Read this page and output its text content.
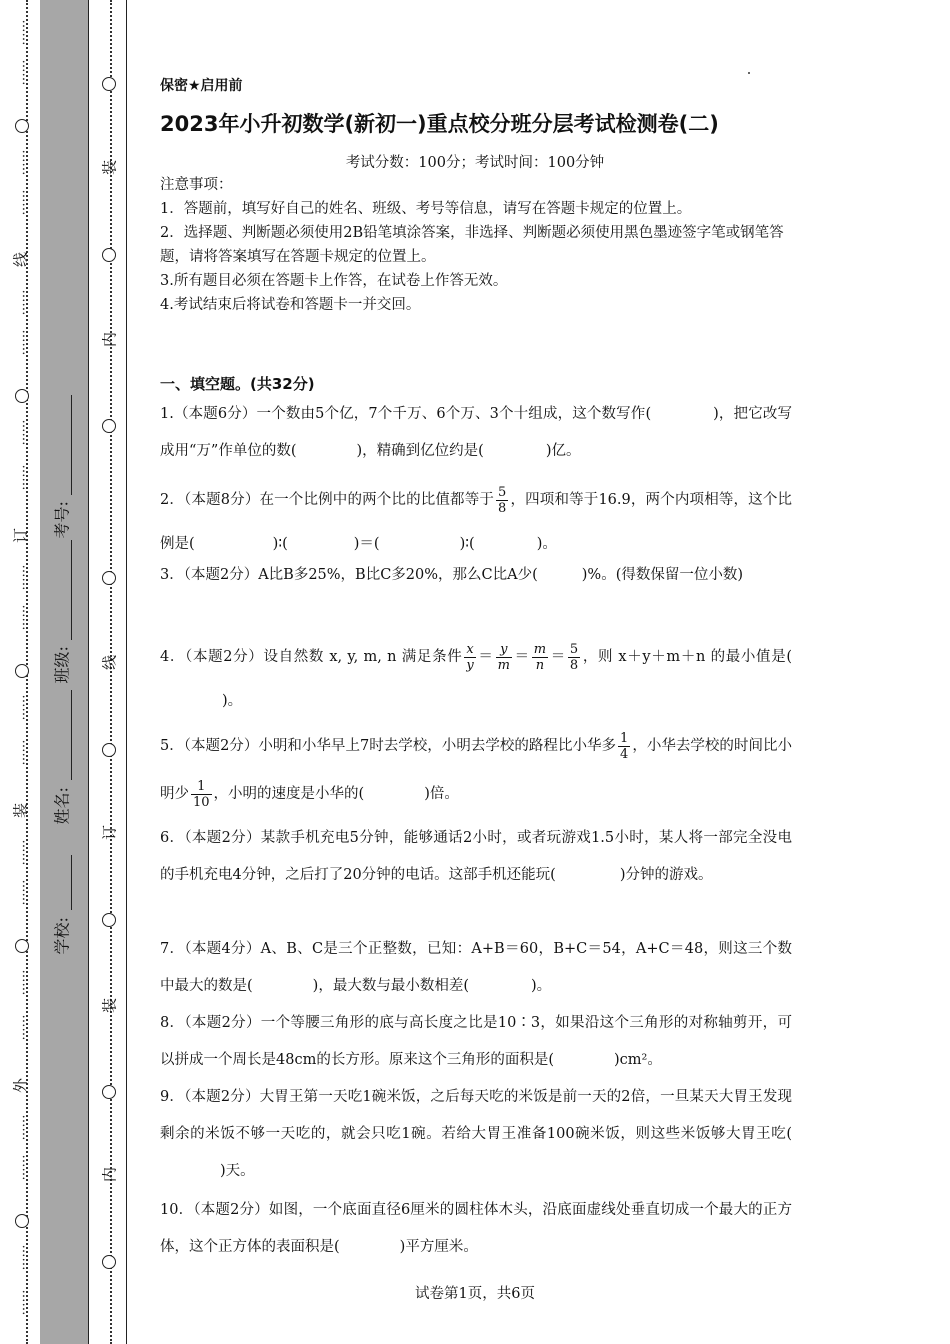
……
……
……
……
线
……
……
……
……
订
……
……
……
……
装
……
……
……
……
外
……
……
……
……
学校:
姓名:
班级:
考号:
装
内
线
订
装
内
保密★启用前
2023年小升初数学(新初一)重点校分班分层考试检测卷(二)
考试分数：100分；考试时间：100分钟
注意事项：
1．答题前，填写好自己的姓名、班级、考号等信息，请写在答题卡规定的位置上。
2．选择题、判断题必须使用2B铅笔填涂答案，非选择、判断题必须使用黑色墨迹签字笔或钢笔答题，请将答案填写在答题卡规定的位置上。
3.所有题目必须在答题卡上作答，在试卷上作答无效。
4.考试结束后将试卷和答题卡一并交回。
一、填空题。(共32分)
1.（本题6分）一个数由5个亿，7个千万、6个万、3个十组成，这个数写作(	)，把它改写成用“万”作单位的数(	)，精确到亿位约是(	)亿。
2．（本题8分）在一个比例中的两个比的比值都等于 $\frac{5}{8}$ ，四项和等于16.9，两个内项相等，这个比例是(	)∶(	)＝(	)∶(	)。
3．（本题2分）A比B多25%，B比C多20%，那么C比A少(	)%。(得数保留一位小数)
4．（本题2分）设自然数 x, y, m, n 满足条件 $\frac{x}{y} = \frac{y}{m} = \frac{m}{n} = \frac{5}{8}$ ，则 x＋y＋m＋n 的最小值是()。
5．（本题2分）小明和小华早上7时去学校，小明去学校的路程比小华多 $\frac{1}{4}$ ，小华去学校的时间比小明少 $\frac{1}{10}$ ，小明的速度是小华的(	)倍。
6．（本题2分）某款手机充电5分钟，能够通话2小时，或者玩游戏1.5小时，某人将一部完全没电的手机充电4分钟，之后打了20分钟的电话。这部手机还能玩(	)分钟的游戏。
7．（本题4分）A、B、C是三个正整数，已知：A+B＝60，B+C＝54，A+C＝48，则这三个数中最大的数是(	)，最大数与最小数相差(	)。
8．（本题2分）一个等腰三角形的底与高长度之比是10∶3，如果沿这个三角形的对称轴剪开，可以拼成一个周长是48cm的长方形。原来这个三角形的面积是(	)cm²。
9．（本题2分）大胃王第一天吃1碗米饭，之后每天吃的米饭是前一天的2倍，一旦某天大胃王发现剩余的米饭不够一天吃的，就会只吃1碗。若给大胃王准备100碗米饭，则这些米饭够大胃王吃()天。
10．（本题2分）如图，一个底面直径6厘米的圆柱体木头，沿底面虚线处垂直切成一个最大的正方体，这个正方体的表面积是(	)平方厘米。
试卷第1页，共6页
